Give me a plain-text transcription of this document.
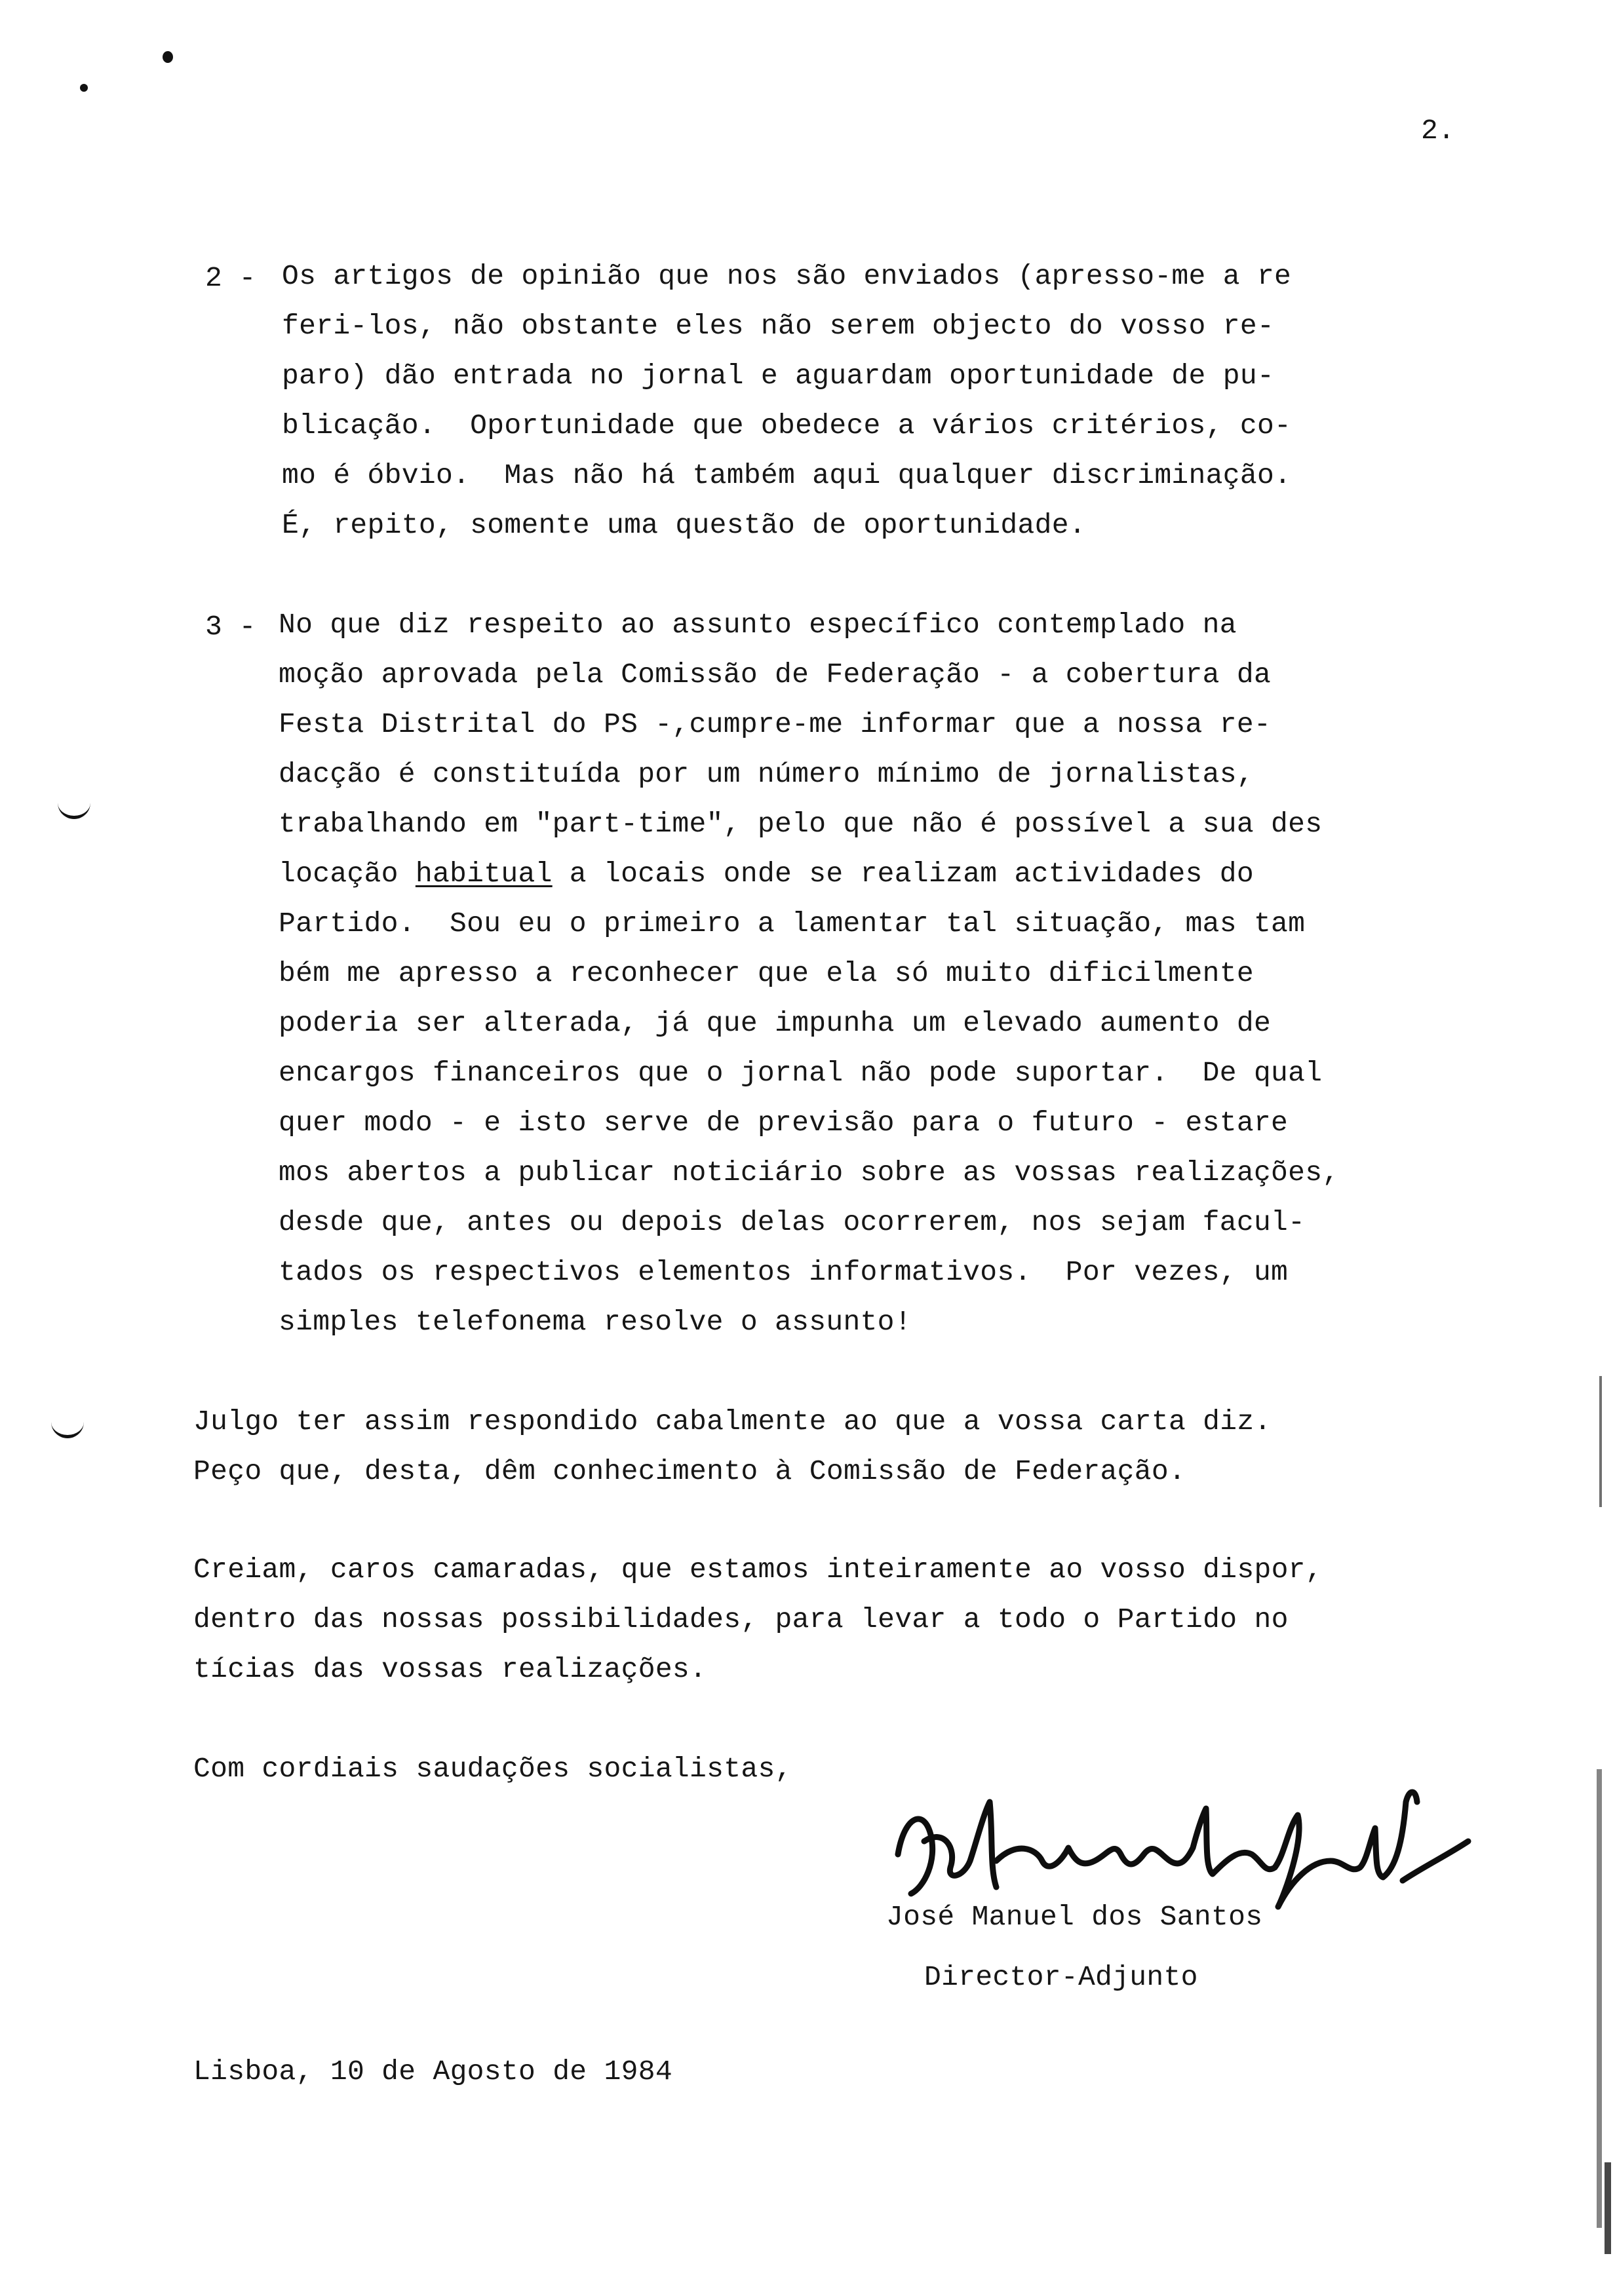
2.
2 - Os artigos de opinião que nos são enviados (apresso-me a re
feri-los, não obstante eles não serem objecto do vosso re-
paro) dão entrada no jornal e aguardam oportunidade de pu-
blicação.  Oportunidade que obedece a vários critérios, co-
mo é óbvio.  Mas não há também aqui qualquer discriminação.
É, repito, somente uma questão de oportunidade.
3 - No que diz respeito ao assunto específico contemplado na
moção aprovada pela Comissão de Federação - a cobertura da
Festa Distrital do PS -,cumpre-me informar que a nossa re-
dacção é constituída por um número mínimo de jornalistas,
trabalhando em "part-time", pelo que não é possível a sua des
locação habitual a locais onde se realizam actividades do
Partido.  Sou eu o primeiro a lamentar tal situação, mas tam
bém me apresso a reconhecer que ela só muito dificilmente
poderia ser alterada, já que impunha um elevado aumento de
encargos financeiros que o jornal não pode suportar.  De qual
quer modo - e isto serve de previsão para o futuro - estare
mos abertos a publicar noticiário sobre as vossas realizações,
desde que, antes ou depois delas ocorrerem, nos sejam facul-
tados os respectivos elementos informativos.  Por vezes, um
simples telefonema resolve o assunto!
Julgo ter assim respondido cabalmente ao que a vossa carta diz.
Peço que, desta, dêm conhecimento à Comissão de Federação.
Creiam, caros camaradas, que estamos inteiramente ao vosso dispor,
dentro das nossas possibilidades, para levar a todo o Partido no
tícias das vossas realizações.
Com cordiais saudações socialistas,
José Manuel dos Santos
Director-Adjunto
Lisboa, 10 de Agosto de 1984
